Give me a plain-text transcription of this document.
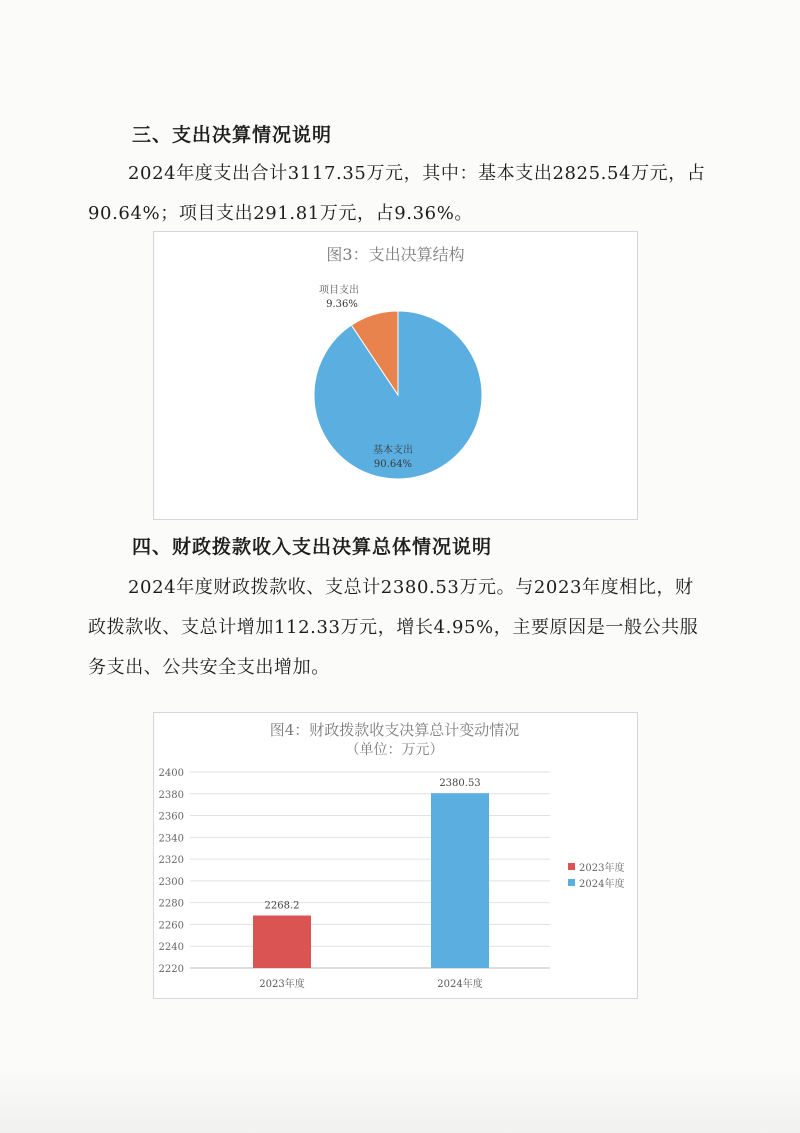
三、支出决算情况说明

2024年度支出合计3117.35万元，其中：基本支出2825.54万元，占90.64%；项目支出291.81万元，占9.36%。

图3：支出决算结构
项目支出
9.36%
基本支出
90.64%
四、财政拨款收入支出决算总体情况说明

2024年度财政拨款收、支总计2380.53万元。与2023年度相比，财政拨款收、支总计增加112.33万元，增长4.95%，主要原因是一般公共服务支出、公共安全支出增加。

图4：财政拨款收支决算总计变动情况
（单位：万元）
2220
2240
2260
2280
2300
2320
2340
2360
2380
2400
2268.2
2380.53
2023年度	2024年度
2023年度
2024年度
